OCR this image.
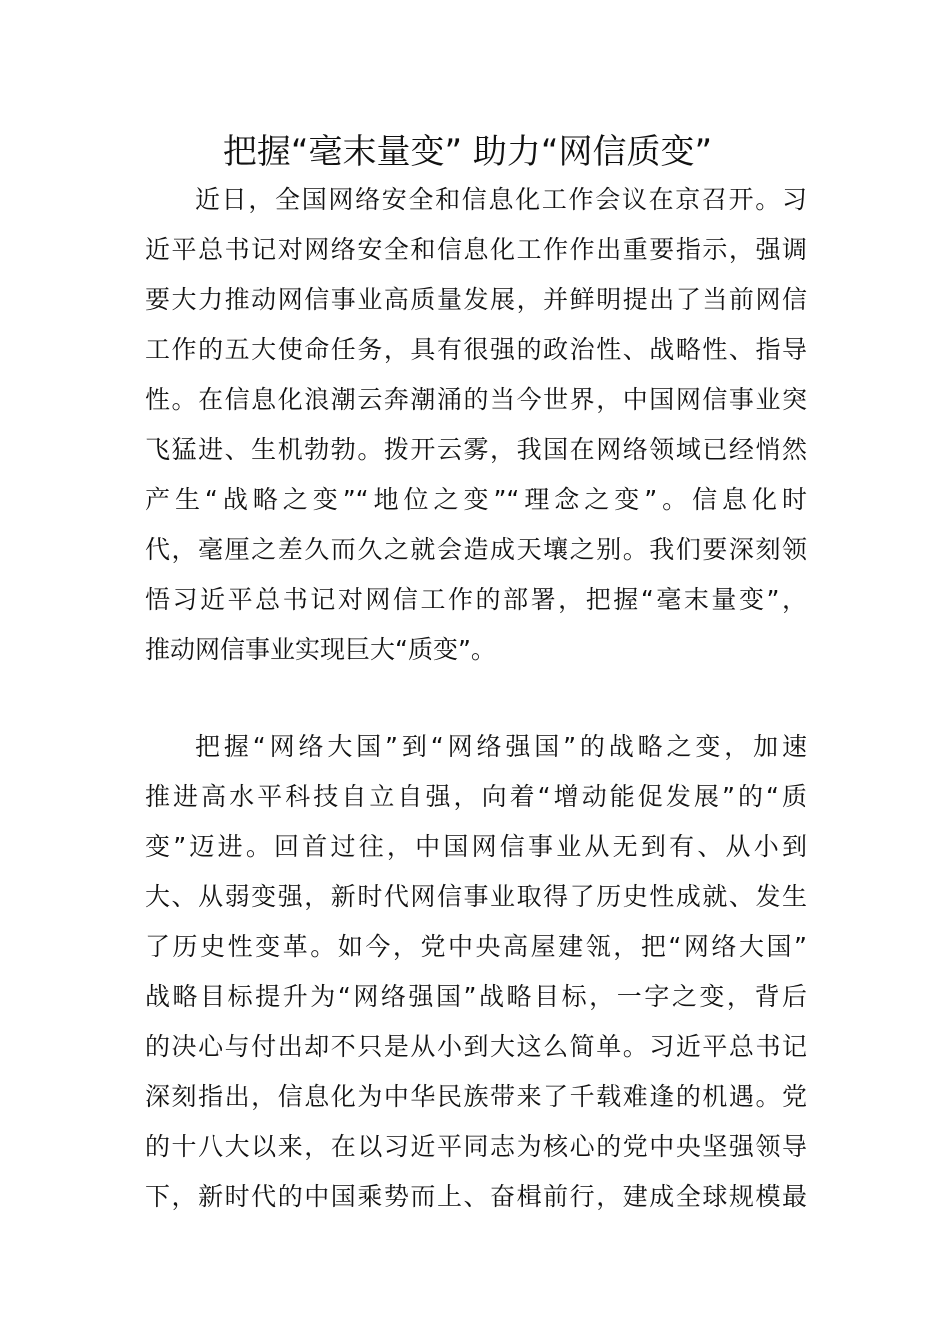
把握“毫末量变” 助力“网信质变”
近日，全国网络安全和信息化工作会议在京召开。习
近平总书记对网络安全和信息化工作作出重要指示，强调
要大力推动网信事业高质量发展，并鲜明提出了当前网信
工作的五大使命任务，具有很强的政治性、战略性、指导
性。在信息化浪潮云奔潮涌的当今世界，中国网信事业突
飞猛进、生机勃勃。拨开云雾，我国在网络领域已经悄然
产生“战略之变”“地位之变”“理念之变”。信息化时
代，毫厘之差久而久之就会造成天壤之别。我们要深刻领
悟习近平总书记对网信工作的部署，把握“毫末量变”，
推动网信事业实现巨大“质变”。
把握“网络大国”到“网络强国”的战略之变，加速
推进高水平科技自立自强，向着“增动能促发展”的“质
变”迈进。回首过往，中国网信事业从无到有、从小到
大、从弱变强，新时代网信事业取得了历史性成就、发生
了历史性变革。如今，党中央高屋建瓴，把“网络大国”
战略目标提升为“网络强国”战略目标，一字之变，背后
的决心与付出却不只是从小到大这么简单。习近平总书记
深刻指出，信息化为中华民族带来了千载难逢的机遇。党
的十八大以来，在以习近平同志为核心的党中央坚强领导
下，新时代的中国乘势而上、奋楫前行，建成全球规模最
